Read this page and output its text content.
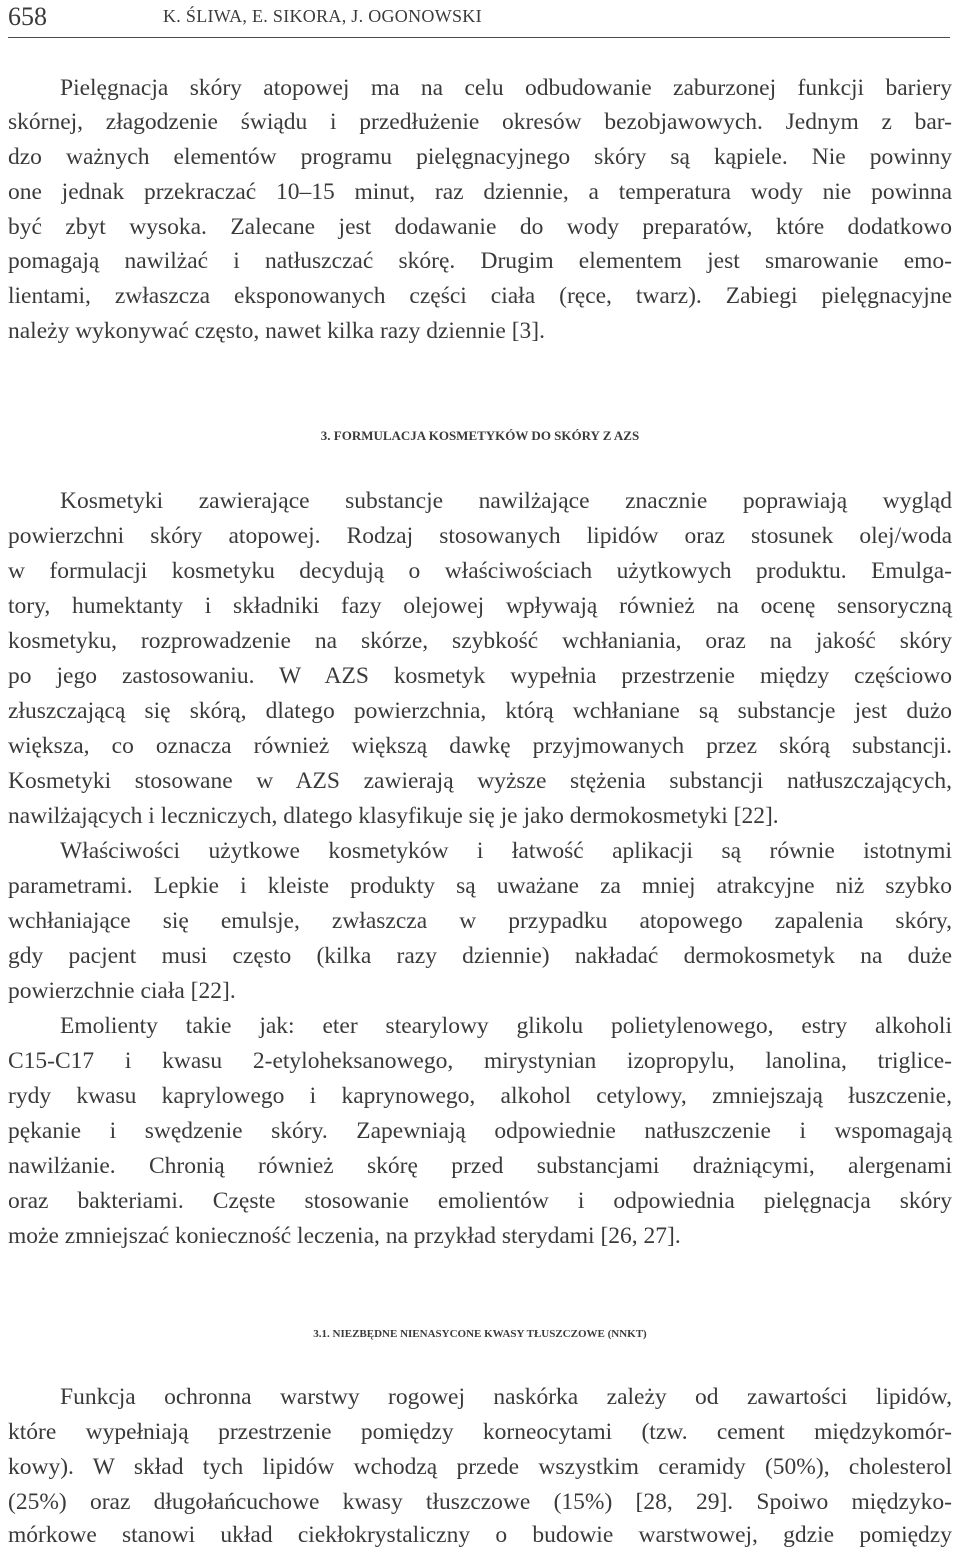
658	K. ŚLIWA, E. SIKORA, J. OGONOWSKI
Pielęgnacja skóry atopowej ma na celu odbudowanie zaburzonej funkcji bariery
skórnej, złagodzenie świądu i przedłużenie okresów bezobjawowych. Jednym z bar-
dzo ważnych elementów programu pielęgnacyjnego skóry są kąpiele. Nie powinny
one jednak przekraczać 10–15 minut, raz dziennie, a temperatura wody nie powinna
być zbyt wysoka. Zalecane jest dodawanie do wody preparatów, które dodatkowo
pomagają nawilżać i natłuszczać skórę. Drugim elementem jest smarowanie emo-
lientami, zwłaszcza eksponowanych części ciała (ręce, twarz). Zabiegi pielęgnacyjne
należy wykonywać często, nawet kilka razy dziennie [3].
3. FORMULACJA KOSMETYKÓW DO SKÓRY Z AZS
Kosmetyki zawierające substancje nawilżające znacznie poprawiają wygląd
powierzchni skóry atopowej. Rodzaj stosowanych lipidów oraz stosunek olej/woda
w formulacji kosmetyku decydują o właściwościach użytkowych produktu. Emulga-
tory, humektanty i składniki fazy olejowej wpływają również na ocenę sensoryczną
kosmetyku, rozprowadzenie na skórze, szybkość wchłaniania, oraz na jakość skóry
po jego zastosowaniu. W AZS kosmetyk wypełnia przestrzenie między częściowo
złuszczającą się skórą, dlatego powierzchnia, którą wchłaniane są substancje jest dużo
większa, co oznacza również większą dawkę przyjmowanych przez skórą substancji.
Kosmetyki stosowane w AZS zawierają wyższe stężenia substancji natłuszczających,
nawilżających i leczniczych, dlatego klasyfikuje się je jako dermokosmetyki [22].
Właściwości użytkowe kosmetyków i łatwość aplikacji są równie istotnymi
parametrami. Lepkie i kleiste produkty są uważane za mniej atrakcyjne niż szybko
wchłaniające się emulsje, zwłaszcza w przypadku atopowego zapalenia skóry,
gdy pacjent musi często (kilka razy dziennie) nakładać dermokosmetyk na duże
powierzchnie ciała [22].
Emolienty takie jak: eter stearylowy glikolu polietylenowego, estry alkoholi
C15-C17 i kwasu 2-etyloheksanowego, mirystynian izopropylu, lanolina, triglice-
rydy kwasu kaprylowego i kaprynowego, alkohol cetylowy, zmniejszają łuszczenie,
pękanie i swędzenie skóry. Zapewniają odpowiednie natłuszczenie i wspomagają
nawilżanie. Chronią również skórę przed substancjami drażniącymi, alergenami
oraz bakteriami. Częste stosowanie emolientów i odpowiednia pielęgnacja skóry
może zmniejszać konieczność leczenia, na przykład sterydami [26, 27].
3.1. NIEZBĘDNE NIENASYCONE KWASY TŁUSZCZOWE (NNKT)
Funkcja ochronna warstwy rogowej naskórka zależy od zawartości lipidów,
które wypełniają przestrzenie pomiędzy korneocytami (tzw. cement międzykomór-
kowy). W skład tych lipidów wchodzą przede wszystkim ceramidy (50%), cholesterol
(25%) oraz długołańcuchowe kwasy tłuszczowe (15%) [28, 29]. Spoiwo międzyko-
mórkowe stanowi układ ciekłokrystaliczny o budowie warstwowej, gdzie pomiędzy
